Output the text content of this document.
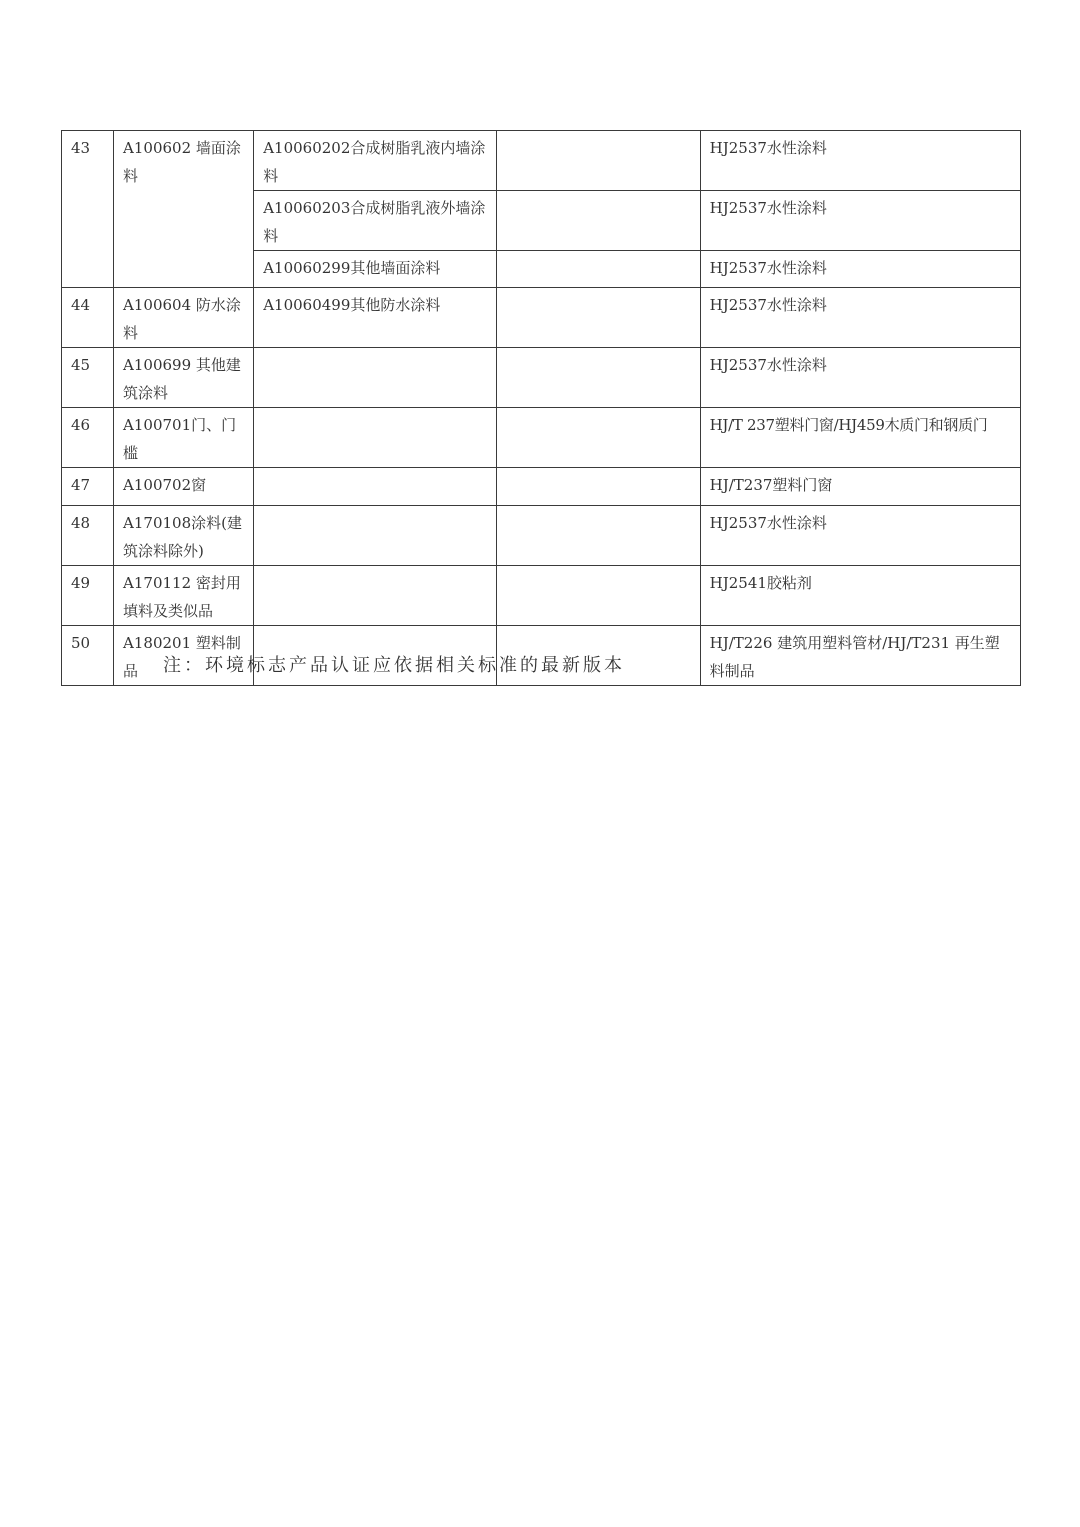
43	A100602 墙面涂料	A10060202合成树脂乳液内墙涂料		HJ2537水性涂料
		A10060203合成树脂乳液外墙涂料		HJ2537水性涂料
		A10060299其他墙面涂料		HJ2537水性涂料
44	A100604 防水涂料	A10060499其他防水涂料		HJ2537水性涂料
45	A100699 其他建筑涂料			HJ2537水性涂料
46	A100701门、门槛			HJ/T 237塑料门窗/HJ459木质门和钢质门
47	A100702窗			HJ/T237塑料门窗
48	A170108涂料(建筑涂料除外)			HJ2537水性涂料
49	A170112 密封用填料及类似品			HJ2541胶粘剂
50	A180201 塑料制品			HJ/T226 建筑用塑料管材/HJ/T231 再生塑料制品
注：环境标志产品认证应依据相关标准的最新版本
